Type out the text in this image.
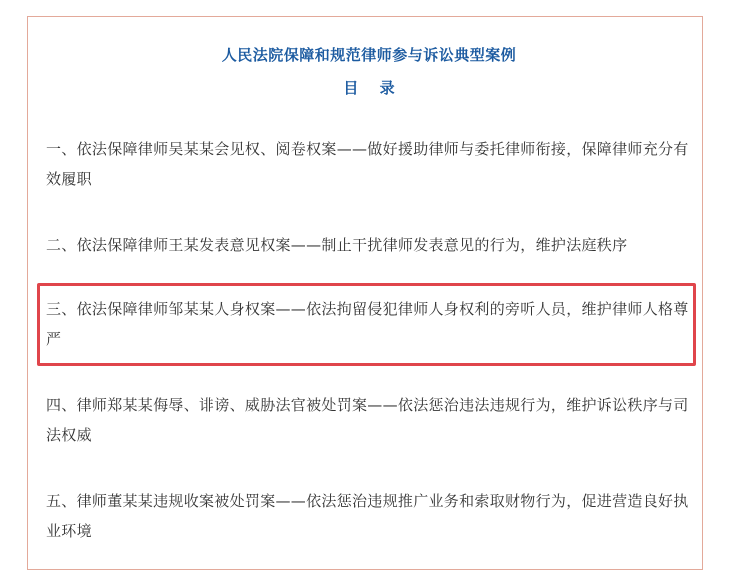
人民法院保障和规范律师参与诉讼典型案例
目 录
一、依法保障律师吴某某会见权、阅卷权案——做好援助律师与委托律师衔接，保障律师充分有效履职
二、依法保障律师王某发表意见权案——制止干扰律师发表意见的行为，维护法庭秩序
三、依法保障律师邹某某人身权案——依法拘留侵犯律师人身权利的旁听人员，维护律师人格尊严
四、律师郑某某侮辱、诽谤、威胁法官被处罚案——依法惩治违法违规行为，维护诉讼秩序与司法权威
五、律师董某某违规收案被处罚案——依法惩治违规推广业务和索取财物行为，促进营造良好执业环境
